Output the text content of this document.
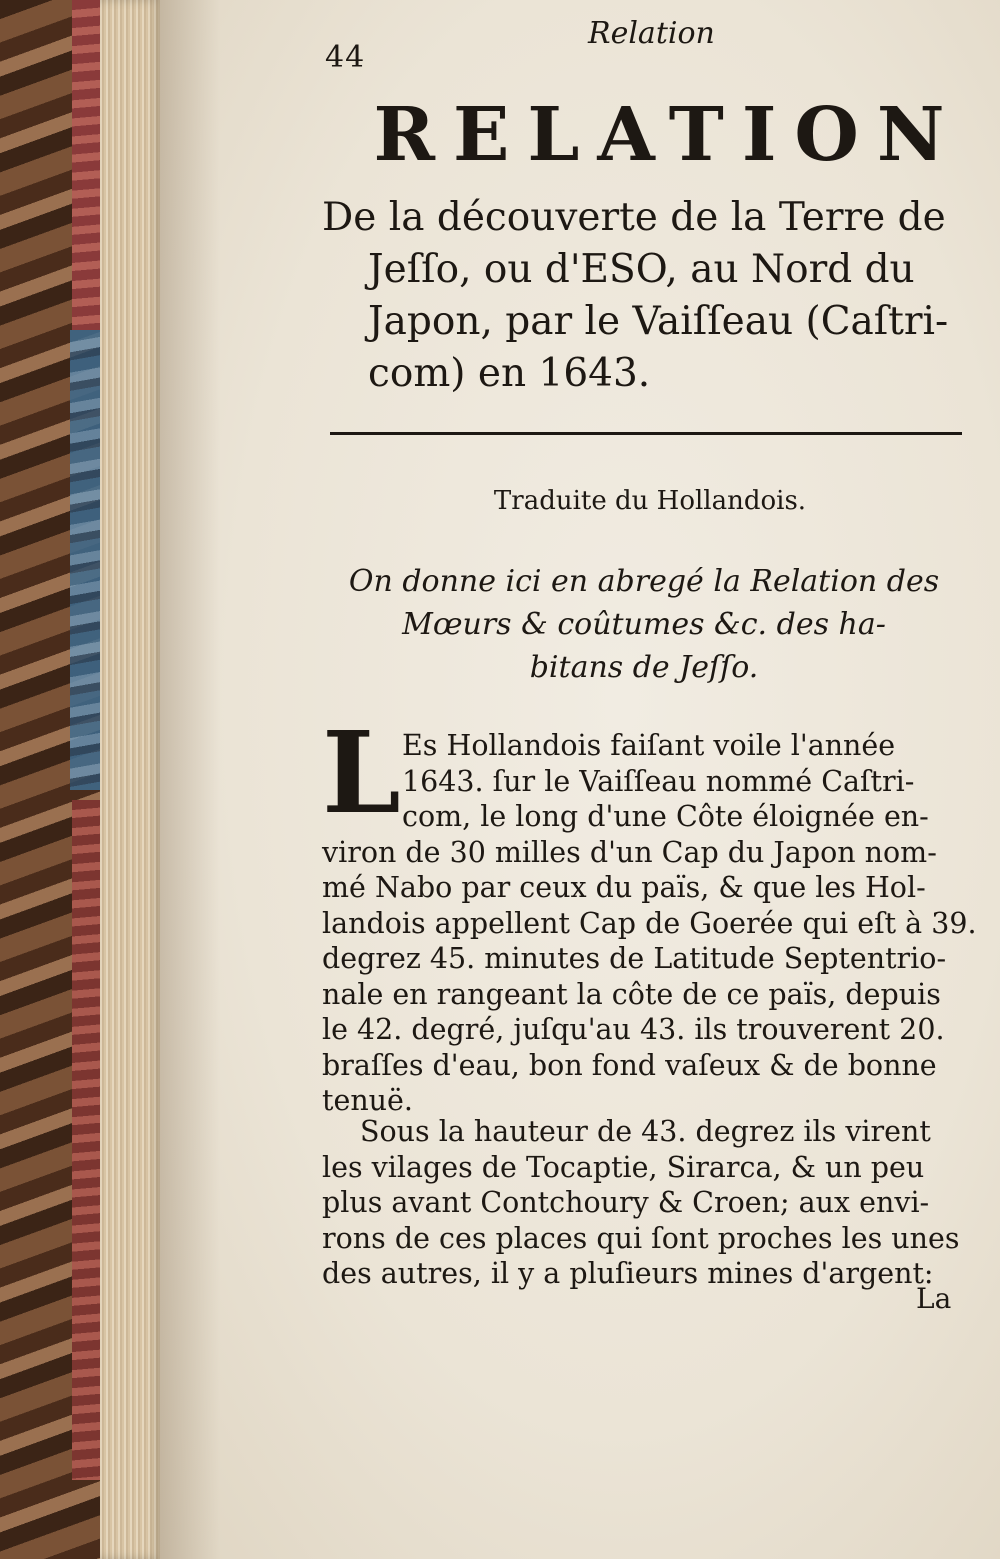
44
Relation
RELATION
De la découverte de la Terre de
Jeſſo, ou d'ESO, au Nord du
Japon, par le Vaiſſeau (Caſtri-
com) en 1643.
Traduite du Hollandois.
On donne ici en abregé la Relation des
Mœurs & coûtumes &c. des ha-
bitans de Jeſſo.
L Es Hollandois faiſant voile l'année
1643. ſur le Vaiſſeau nommé Caſtri-
com, le long d'une Côte éloignée en-
viron de 30 milles d'un Cap du Japon nom-
mé Nabo par ceux du païs, & que les Hol-
landois appellent Cap de Goerée qui eſt à 39.
degrez 45. minutes de Latitude Septentrio-
nale en rangeant la côte de ce païs, depuis
le 42. degré, juſqu'au 43. ils trouverent 20.
braſſes d'eau, bon fond vaſeux & de bonne
tenuë.
Sous la hauteur de 43. degrez ils virent
les vilages de Tocaptie, Sirarca, & un peu
plus avant Contchoury & Croen; aux envi-
rons de ces places qui ſont proches les unes
des autres, il y a pluſieurs mines d'argent:
La
